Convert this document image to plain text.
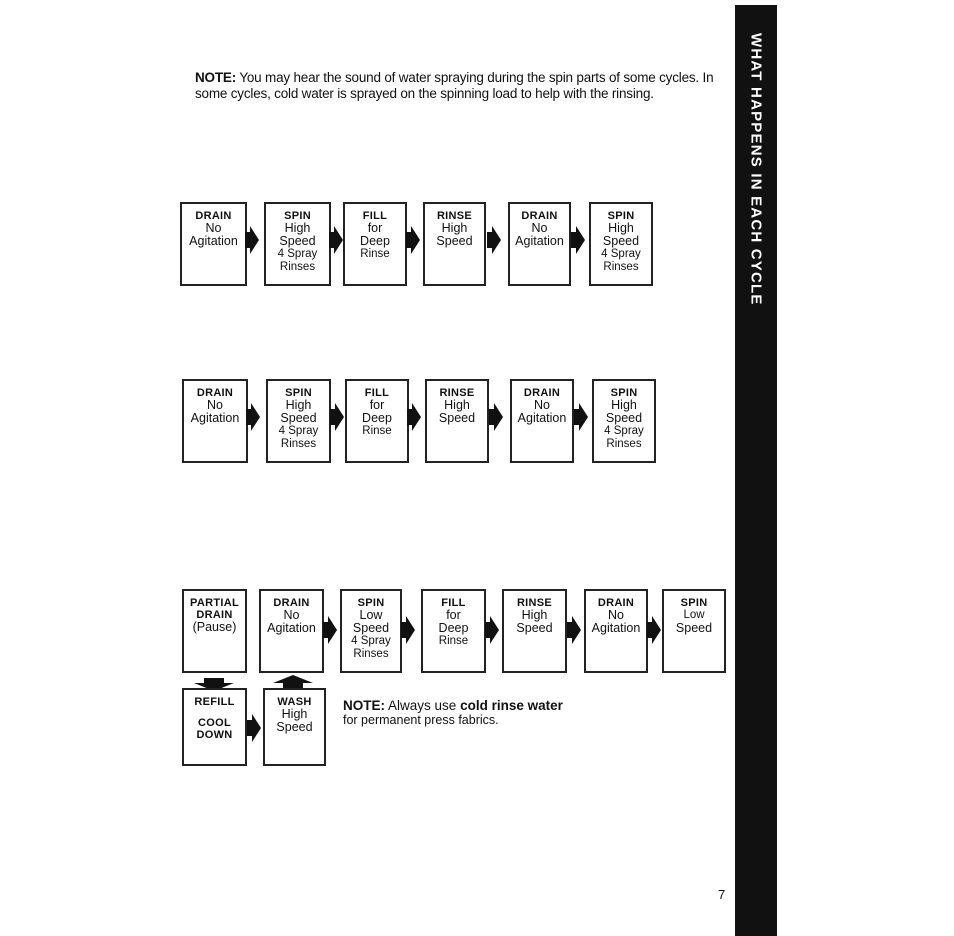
NOTE: You may hear the sound of water spraying during the spin parts of some cycles. In some cycles, cold water is sprayed on the spinning load to help with the rinsing.	WHAT HAPPENS IN EACH CYCLE
DRAIN
No
Agitation
SPIN
High
Speed
4 Spray
Rinses
FILL
for
Deep
Rinse
RINSE
High
Speed
DRAIN
No
Agitation
SPIN
High
Speed
4 Spray
Rinses
DRAIN
No
Agitation
SPIN
High
Speed
4 Spray
Rinses
FILL
for
Deep
Rinse
RINSE
High
Speed
DRAIN
No
Agitation
SPIN
High
Speed
4 Spray
Rinses
PARTIAL
DRAIN
(Pause)
DRAIN
No
Agitation
SPIN
Low
Speed
4 Spray
Rinses
FILL
for
Deep
Rinse
RINSE
High
Speed
DRAIN
No
Agitation
SPIN
Low
Speed
REFILL
COOL
DOWN
WASH
High
Speed
NOTE: Always use cold rinse water
for permanent press fabrics.
7
